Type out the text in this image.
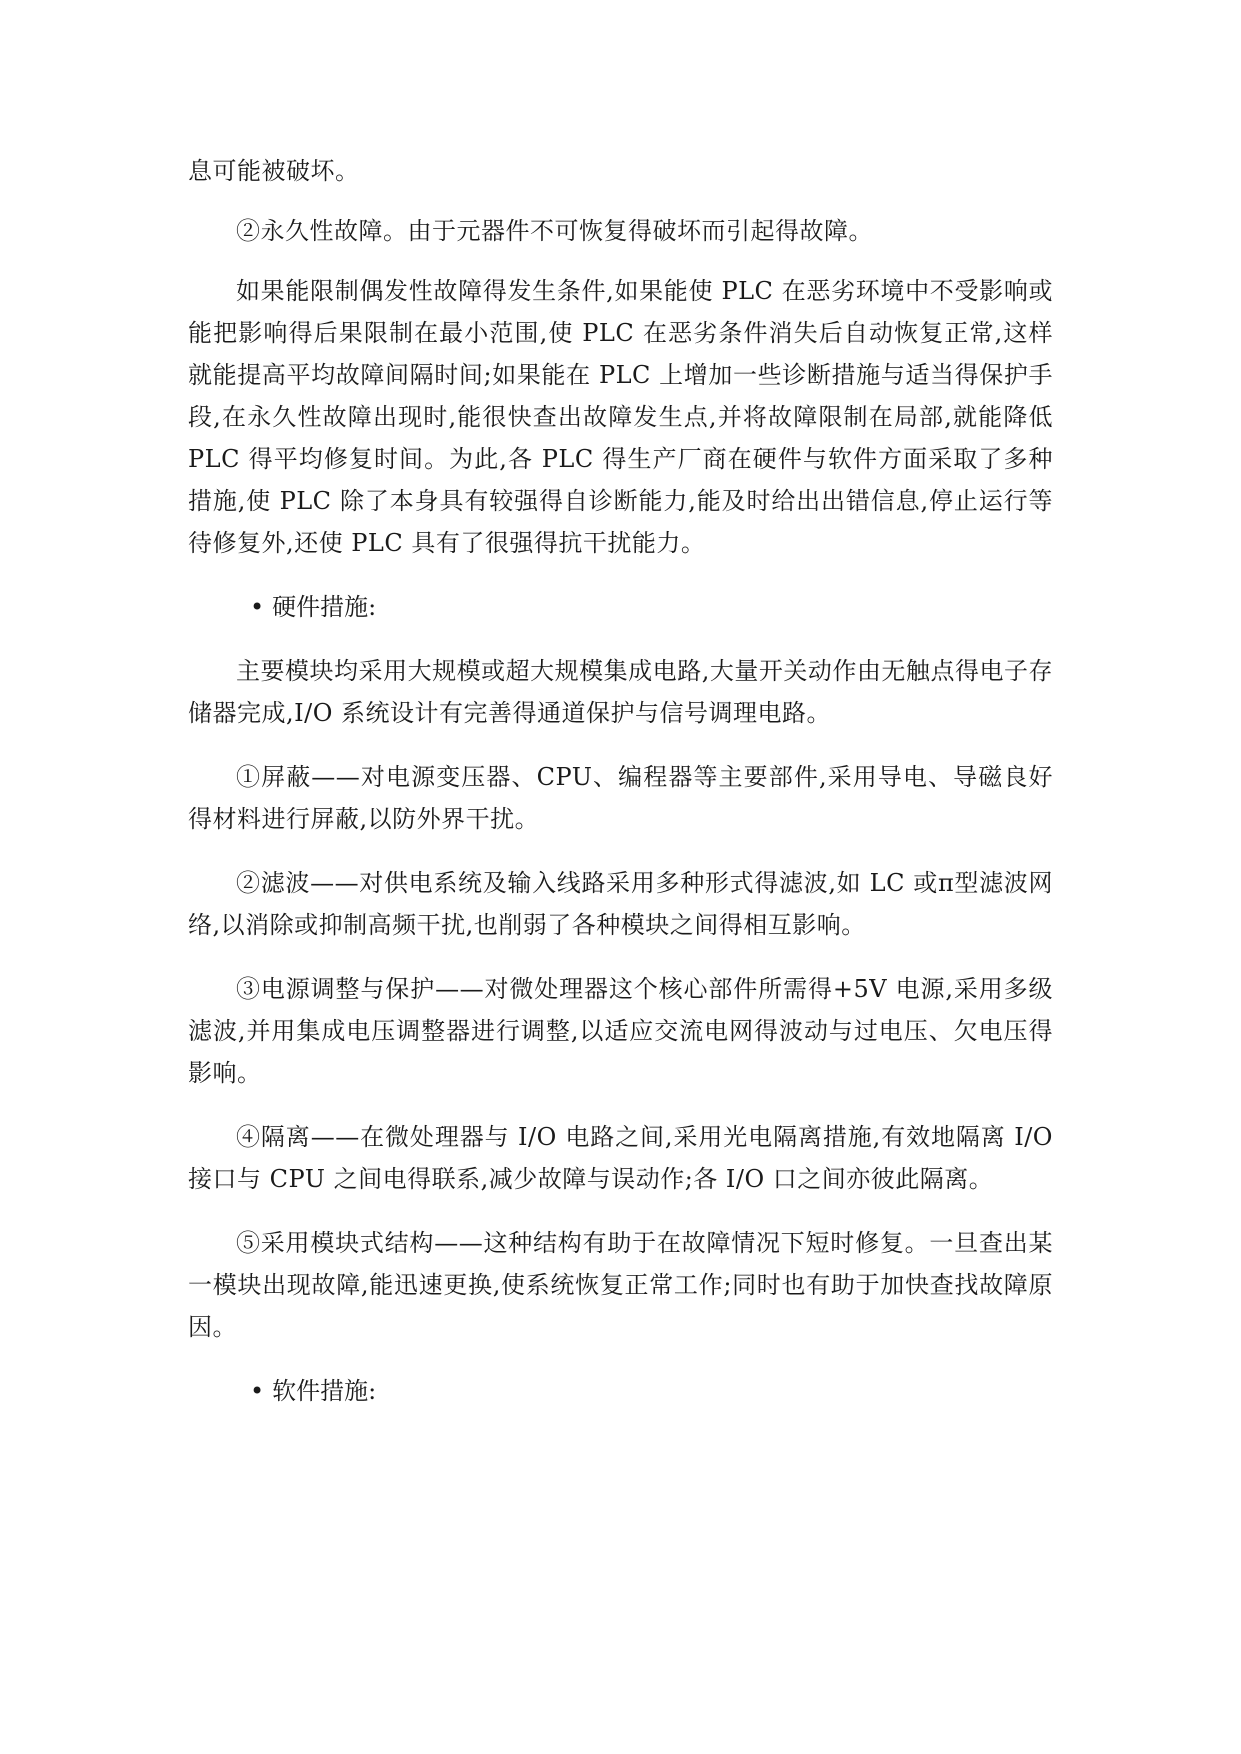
息可能被破坏。

②永久性故障。由于元器件不可恢复得破坏而引起得故障。

如果能限制偶发性故障得发生条件,如果能使 PLC 在恶劣环境中不受影响或能把影响得后果限制在最小范围,使 PLC 在恶劣条件消失后自动恢复正常,这样就能提高平均故障间隔时间;如果能在 PLC 上增加一些诊断措施与适当得保护手段,在永久性故障出现时,能很快查出故障发生点,并将故障限制在局部,就能降低 PLC 得平均修复时间。为此,各 PLC 得生产厂商在硬件与软件方面采取了多种措施,使 PLC 除了本身具有较强得自诊断能力,能及时给出出错信息,停止运行等待修复外,还使 PLC 具有了很强得抗干扰能力。

• 硬件措施:

主要模块均采用大规模或超大规模集成电路,大量开关动作由无触点得电子存储器完成,I/O 系统设计有完善得通道保护与信号调理电路。

①屏蔽——对电源变压器、CPU、编程器等主要部件,采用导电、导磁良好得材料进行屏蔽,以防外界干扰。

②滤波——对供电系统及输入线路采用多种形式得滤波,如 LC 或π型滤波网络,以消除或抑制高频干扰,也削弱了各种模块之间得相互影响。

③电源调整与保护——对微处理器这个核心部件所需得+5V 电源,采用多级滤波,并用集成电压调整器进行调整,以适应交流电网得波动与过电压、欠电压得影响。

④隔离——在微处理器与 I/O 电路之间,采用光电隔离措施,有效地隔离 I/O 接口与 CPU 之间电得联系,减少故障与误动作;各 I/O 口之间亦彼此隔离。

⑤采用模块式结构——这种结构有助于在故障情况下短时修复。一旦查出某一模块出现故障,能迅速更换,使系统恢复正常工作;同时也有助于加快查找故障原因。

• 软件措施:
